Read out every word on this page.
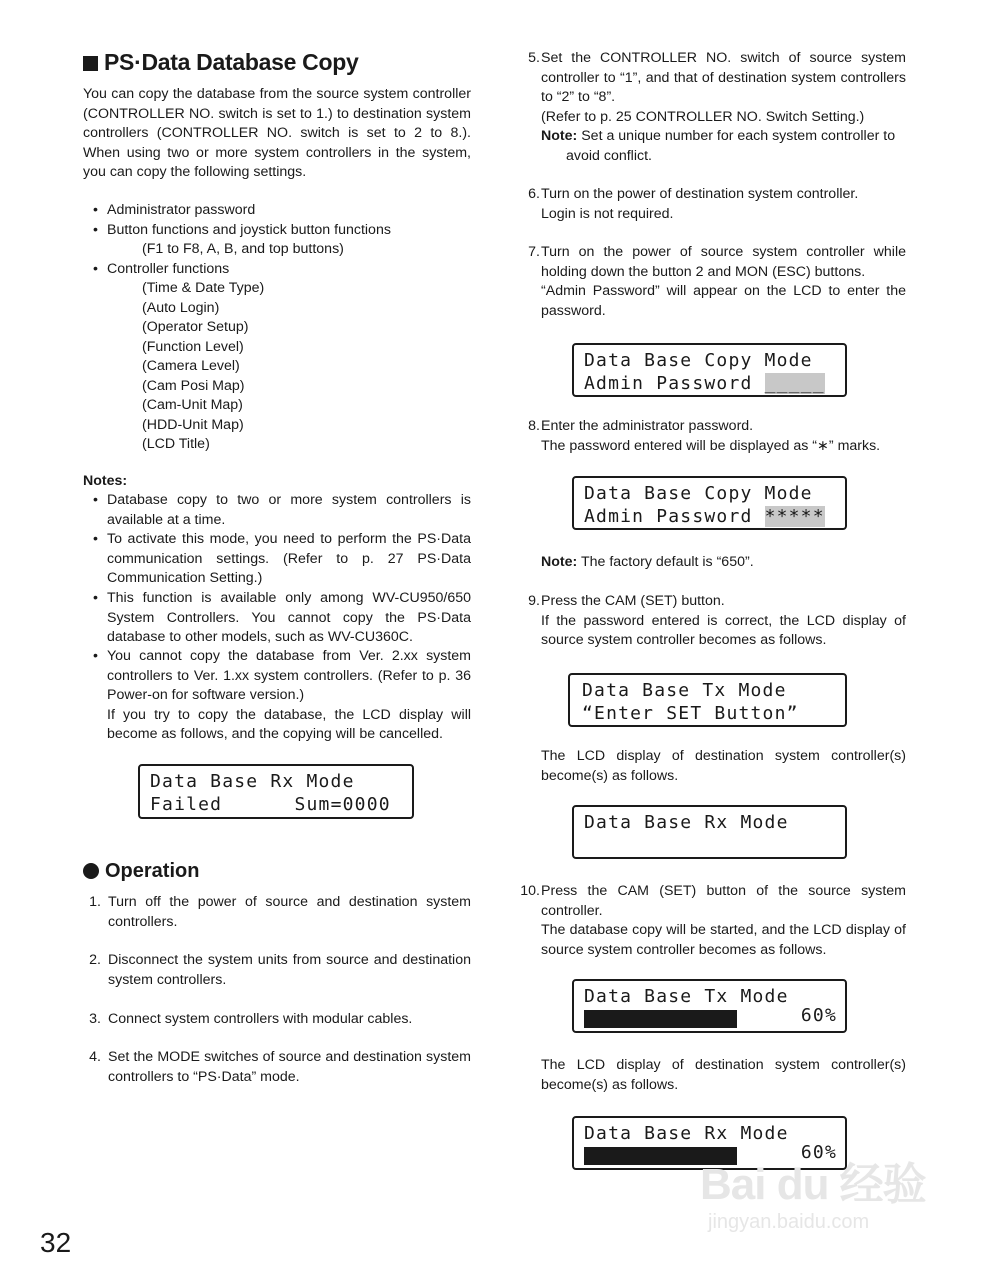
PS·Data Database Copy

You can copy the database from the source system controller (CONTROLLER NO. switch is set to 1.) to destination system controllers (CONTROLLER NO. switch is set to 2 to 8.). When using two or more system controllers in the system, you can copy the following settings.

• Administrator password
• Button functions and joystick button functions
(F1 to F8, A, B, and top buttons)
• Controller functions
(Time & Date Type)
(Auto Login)
(Operator Setup)
(Function Level)
(Camera Level)
(Cam Posi Map)
(Cam-Unit Map)
(HDD-Unit Map)
(LCD Title)
Notes:
• Database copy to two or more system controllers is available at a time.

• To activate this mode, you need to perform the PS·Data communication settings. (Refer to p. 27 PS·Data Communication Setting.)

• This function is available only among WV-CU950/650 System Controllers. You cannot copy the PS·Data database to other models, such as WV-CU360C.

• You cannot copy the database from Ver. 2.xx system controllers to Ver. 1.xx system controllers. (Refer to p. 36 Power-on for software version.)

If you try to copy the database, the LCD display will become as follows, and the copying will be cancelled.

Data Base Rx Mode
Failed	Sum=0000
Operation
1. Turn off the power of source and destination system controllers.

2. Disconnect the system units from source and destination system controllers.

3. Connect system controllers with modular cables.

4. Set the MODE switches of source and destination system controllers to “PS·Data” mode.

5. Set the CONTROLLER NO. switch of source system controller to “1”, and that of destination system controllers to “2” to “8”.

(Refer to p. 25 CONTROLLER NO. Switch Setting.)

Note: Set a unique number for each system controller to avoid conflict.

6. Turn on the power of destination system controller.

Login is not required.

7. Turn on the power of source system controller while holding down the button 2 and MON (ESC) buttons.

“Admin Password” will appear on the LCD to enter the password.

Data Base Copy Mode
Admin Password _____
8. Enter the administrator password.

The password entered will be displayed as “∗” marks.

Data Base Copy Mode
Admin Password *****

Note: The factory default is “650”.

9. Press the CAM (SET) button.

If the password entered is correct, the LCD display of source system controller becomes as follows.

Data Base Tx Mode
“Enter SET Button”

The LCD display of destination system controller(s) become(s) as follows.

Data Base Rx Mode

10. Press the CAM (SET) button of the source system controller.

The database copy will be started, and the LCD display of source system controller becomes as follows.

Data Base Tx Mode

60%

The LCD display of destination system controller(s) become(s) as follows.

Data Base Rx Mode

60%
32
Bai du 经验
jingyan.baidu.com
